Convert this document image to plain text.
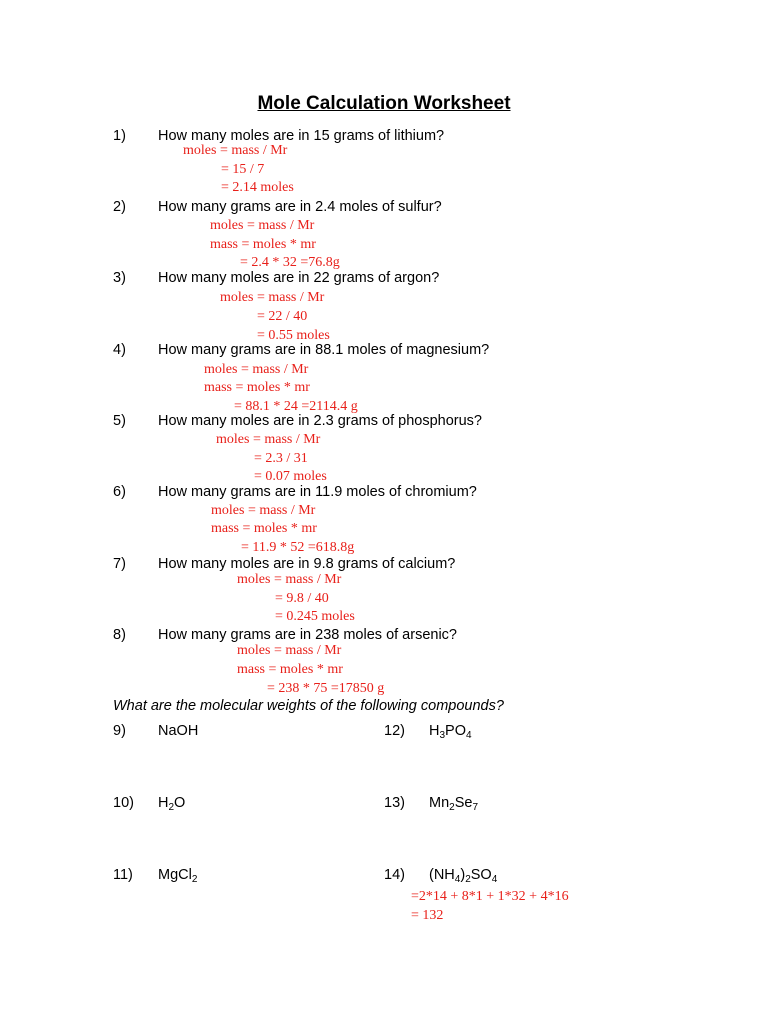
Mole Calculation Worksheet
1) How many moles are in 15 grams of lithium?
moles = mass / Mr
= 15 / 7
= 2.14 moles
2) How many grams are in 2.4 moles of sulfur?
moles = mass / Mr
mass = moles * mr
= 2.4 * 32 =76.8g
3) How many moles are in 22 grams of argon?
moles = mass / Mr
= 22 / 40
= 0.55 moles
4) How many grams are in 88.1 moles of magnesium?
moles = mass / Mr
mass = moles * mr
= 88.1 * 24 =2114.4 g
5) How many moles are in 2.3 grams of phosphorus?
moles = mass / Mr
= 2.3 / 31
= 0.07 moles
6) How many grams are in 11.9 moles of chromium?
moles = mass / Mr
mass = moles * mr
= 11.9 * 52 =618.8g
7) How many moles are in 9.8 grams of calcium?
moles = mass / Mr
= 9.8 / 40
= 0.245 moles
8) How many grams are in 238 moles of arsenic?
moles = mass / Mr
mass = moles * mr
= 238 * 75 =17850 g
What are the molecular weights of the following compounds?
9) NaOH	12) $H_3PO_4$
10) $H_2O$	13) $Mn_2Se_7$
11) MgCl$_2$	14) $(NH_4)_2SO_4$
=2*14 + 8*1 + 1*32 + 4*16
= 132
